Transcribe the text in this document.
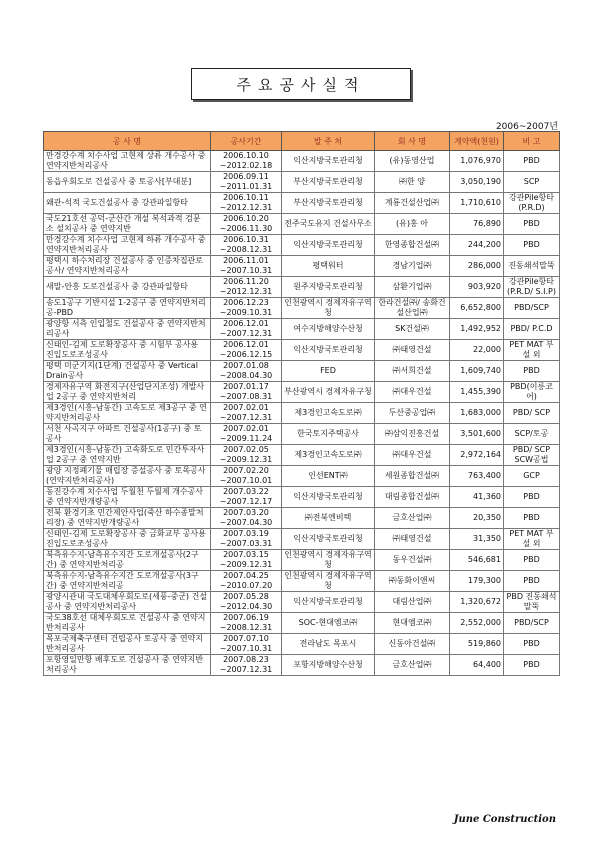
주요공사실적
2006~2007년
공 사 명	공사기간	발 주 처	회 사 명	계약액(천원)	비 고
만경강수계 치수사업 고현제 상류 개수공사 중 연약지반처리공사	2006.10.10 ~2012.02.18	익산지방국토관리청	(유)동영산업	1,076,970	PBD
동읍우회도로 건설공사 중 토공사[부대분]	2006.09.11 ~2011.01.31	부산지방국토관리청	㈜한 양	3,050,190	SCP
왜관-석적 국도건설공사 중 강관파일항타	2006.10.11 ~2012.12.31	부산지방국토관리청	계룡건설산업㈜	1,710,610	강관Pile항타 (P.R.D)
국도21호선 공덕-군산간 개설 복석과적 검문소 설치공사 중 연약지반	2006.10.20 ~2006.11.30	전주국도유지 건설사무소	(유)홍 아	76,890	PBD
만경강수계 치수사업 고현제 하류 개수공사 중 연약지반처리공사	2006.10.31 ~2008.12.31	익산지방국토관리청	한영종합건설㈜	244,200	PBD
평택시 하수처리장 건설공사 중 인증차집관로공사/ 연약지반처리공사	2006.11.01 ~2007.10.31	평택워터	경남기업㈜	286,000	진동쇄석말뚝
새말-안흥 도로건설공사 중 강관파일항타	2006.11.20 ~2012.12.31	원주지방국토관리청	삼환기업㈜	903,920	강관Pile항타 (P.R.D/ S.I.P)
송도1공구 기반시설 1-2공구 중 연약지반처리공-PBD	2006.12.23 ~2009.10.31	인천광역시 경제자유구역청	한라건설㈜/ 송화건설산업㈜	6,652,800	PBD/SCP
광양항 서측 인입철도 건설공사 중 연약지반처리공사	2006.12.01 ~2007.12.31	여수지방해양수산청	SK건설㈜	1,492,952	PBD/ P.C.D
신태인-김제 도로확장공사 중 시험부 공사용 진입도로조성공사	2006.12.01 ~2006.12.15	익산지방국토관리청	㈜태영건설	22,000	PET MAT 부설 외
평택 미군기지(1단계) 건설공사 중 Vertical Drain공사	2007.01.08 ~2008.04.30	FED	㈜서희건설	1,609,740	PBD
경제자유구역 화전지구(산업단지조성) 개발사업 2공구 중 연약지반처리	2007.01.17 ~2007.08.31	부산광역시 경제자유구청	㈜대우건설	1,455,390	PBD(이릉코어)
제3경인(시흥-남동간) 고속도로 제3공구 중 연약지반처리공사	2007.02.01 ~2007.12.31	제3경인고속도로㈜	두산중공업㈜	1,683,000	PBD/ SCP
서천 사곡지구 아파트 건설공사(1공구) 중 토공사	2007.02.01 ~2009.11.24	한국토지주택공사	㈜삼익진흥건설	3,501,600	SCP/토공
제3경인(시흥-남동간) 고속화도로 민간투자사업 2공구 중 연약지반	2007.02.05 ~2009.12.31	제3경인고속도로㈜	㈜대우건설	2,972,164	PBD/ SCP SCW공법
광양 지정폐기물 매립장 증설공사 중 토목공사(연약지반처리공사)	2007.02.20 ~2007.10.01	인선ENT㈜	세원종합건설㈜	763,400	GCP
동진강수계 치수사업 두월천 두월제 개수공사 중 연약지반개량공사	2007.03.22 ~2007.12.17	익산지방국토관리청	대림종합건설㈜	41,360	PBD
전북 환경기초 민간제안사업(죽산 하수종말처리장) 중 연약지반개량공사	2007.03.20 ~2007.04.30	㈜전북엔비텍	금호산업㈜	20,350	PBD
신태인-김제 도로확장공사 중 금화교부 공사용 진입도로조성공사	2007.03.19 ~2007.03.31	익산지방국토관리청	㈜태영건설	31,350	PET MAT 부설 외
북측유수지-남측유수지간 도로개설공사(2구간) 중 연약지반처리공	2007.03.15 ~2009.12.31	인천광역시 경제자유구역청	동우건설㈜	546,681	PBD
북측유수지-남측유수지간 도로개설공사(3구간) 중 연약지반처리공	2007.04.25 ~2010.07.20	인천광역시 경제자유구역청	㈜동화이앤씨	179,300	PBD
광양시관내 국도대체우회도로(세풍-중군) 건설공사 중 연약지반처리공사	2007.05.28 ~2012.04.30	익산지방국토관리청	대림산업㈜	1,320,672	PBD 진동쇄석말뚝
국도38호선 대체우회도로 건설공사 중 연약지반처리공사	2007.06.19 ~2008.12.31	SOC-현대엠코㈜	현대엠코㈜	2,552,000	PBD/SCP
목포국제축구센터 건립공사 토공사 중 연약지반처리공사	2007.07.10 ~2007.10.31	전라남도 목포시	신동아건설㈜	519,860	PBD
포항영일만항 배후도로 건설공사 중 연약지반처리공사	2007.08.23 ~2007.12.31	포항지방해양수산청	금호산업㈜	64,400	PBD
June Construction
